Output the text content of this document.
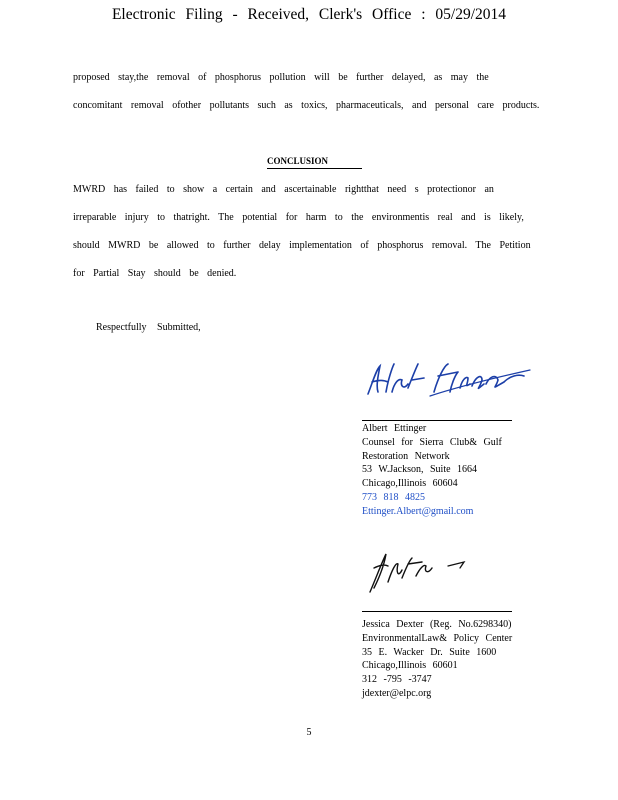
Electronic Filing - Received, Clerk's Office : 05/29/2014
proposed stay,the removal of phosphorus pollution will be further delayed, as may the concomitant removal ofother pollutants such as toxics, pharmaceuticals, and personal care products.
CONCLUSION
MWRD has failed to show a certain and ascertainable rightthat need s protectionor an irreparable injury to thatright. The potential for harm to the environmentis real and is likely, should MWRD be allowed to further delay implementation of phosphorus removal. The Petition for Partial Stay should be denied.
Respectfully Submitted,
Albert Ettinger
Counsel for Sierra Club& Gulf
Restoration Network
53 W.Jackson, Suite 1664
Chicago,Illinois 60604
773 818 4825
Ettinger.Albert@gmail.com
Jessica Dexter (Reg. No.6298340)
EnvironmentalLaw& Policy Center
35 E. Wacker Dr. Suite 1600
Chicago,Illinois 60601
312 -795 -3747
jdexter@elpc.org
5
